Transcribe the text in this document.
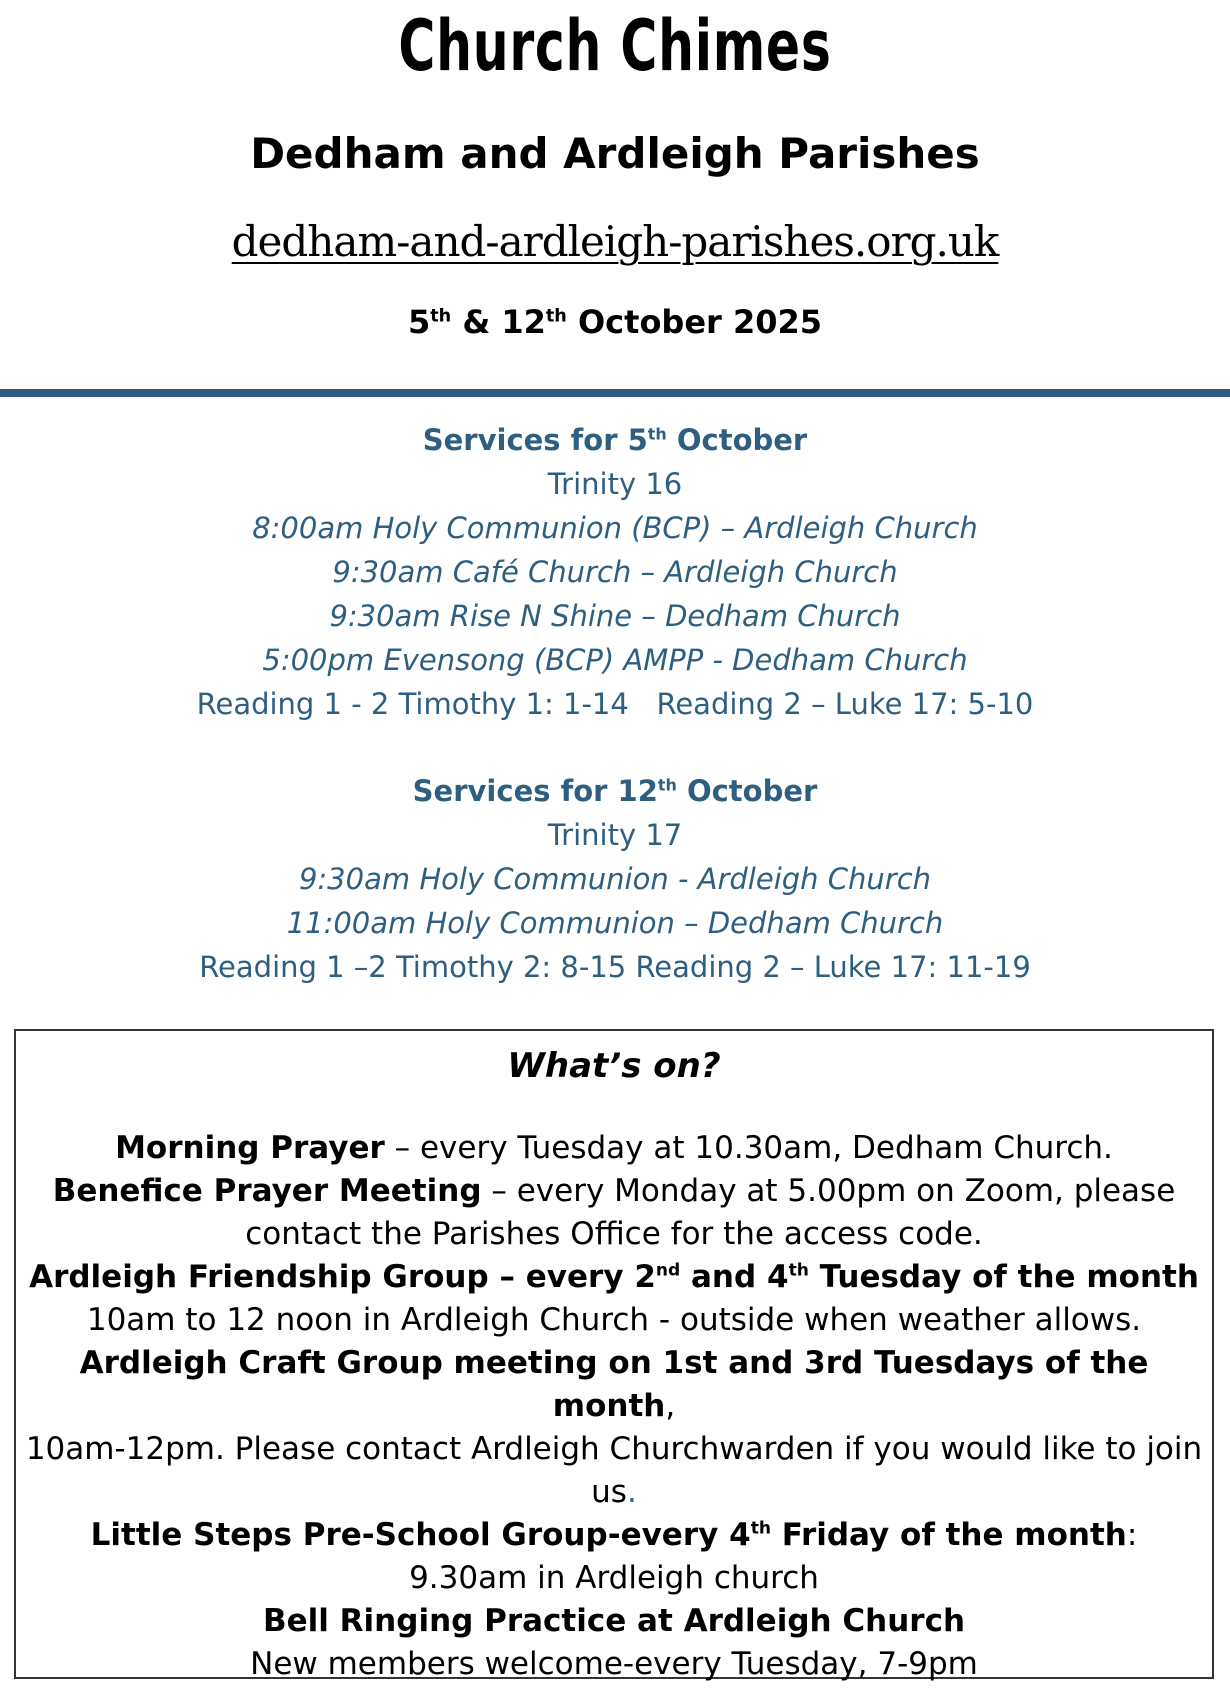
Church Chimes
Dedham and Ardleigh Parishes
dedham-and-ardleigh-parishes.org.uk
5th & 12th October 2025
Services for 5th October
Trinity 16
8:00am Holy Communion (BCP) – Ardleigh Church
9:30am Café Church – Ardleigh Church
9:30am Rise N Shine – Dedham Church
5:00pm Evensong (BCP) AMPP - Dedham Church
Reading 1 - 2 Timothy 1: 1-14   Reading 2 – Luke 17: 5-10
Services for 12th October
Trinity 17
9:30am Holy Communion - Ardleigh Church
11:00am Holy Communion – Dedham Church
Reading 1 –2 Timothy 2: 8-15 Reading 2 – Luke 17: 11-19
What’s on?
Morning Prayer – every Tuesday at 10.30am, Dedham Church.
Benefice Prayer Meeting – every Monday at 5.00pm on Zoom, please
contact the Parishes Office for the access code.
Ardleigh Friendship Group – every 2nd and 4th Tuesday of the month
10am to 12 noon in Ardleigh Church - outside when weather allows.
Ardleigh Craft Group meeting on 1st and 3rd Tuesdays of the
month,
10am-12pm. Please contact Ardleigh Churchwarden if you would like to join
us.
Little Steps Pre-School Group-every 4th Friday of the month:
9.30am in Ardleigh church
Bell Ringing Practice at Ardleigh Church
New members welcome-every Tuesday, 7-9pm
